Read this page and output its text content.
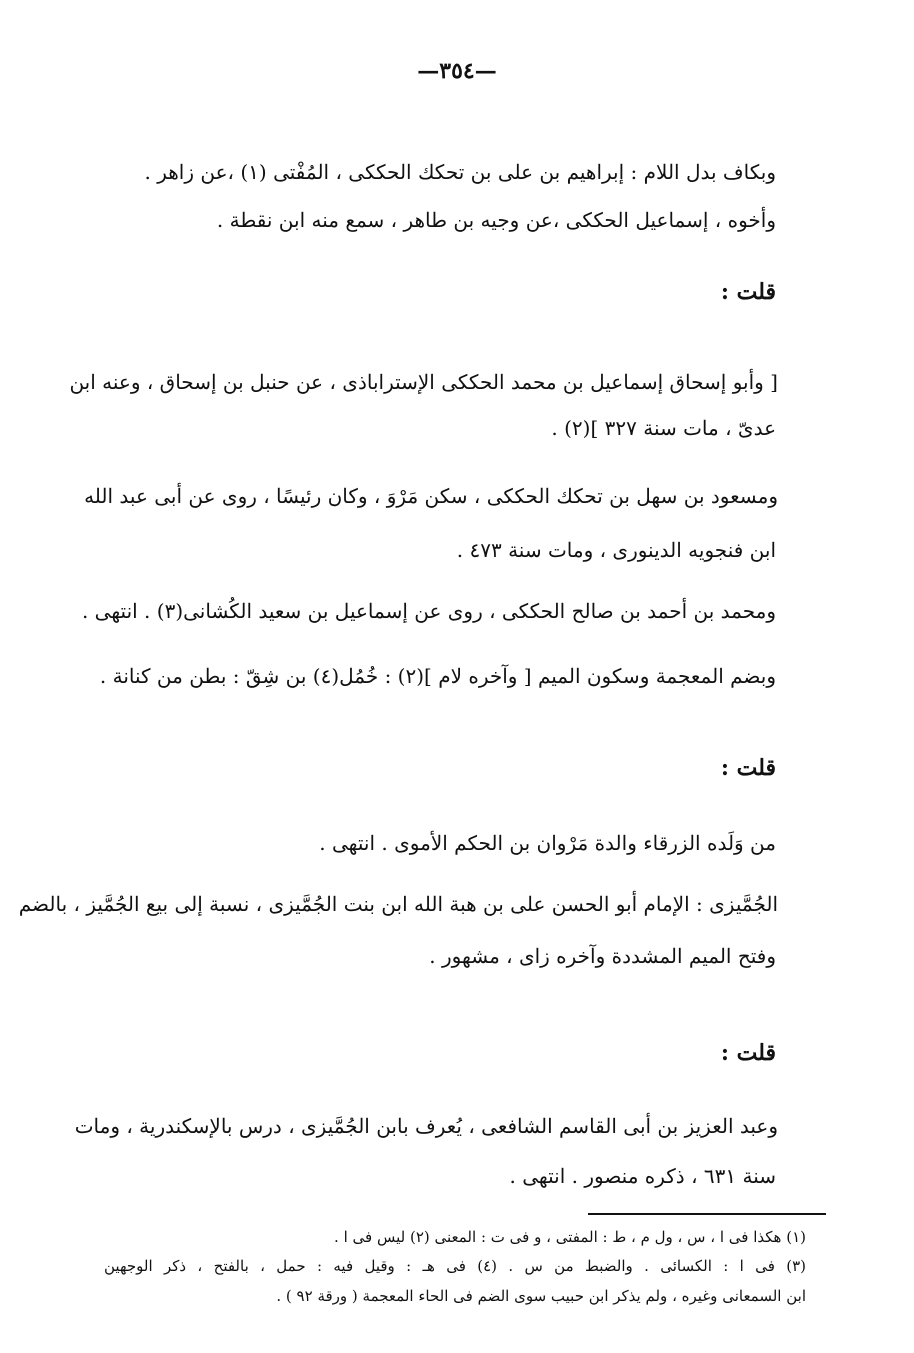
—٣٥٤—
وبكاف بدل اللام : إبراهيم بن على بن تحكك الحككى ، المُفْتى (١) ،عن زاهر .
وأخوه ، إسماعيل الحككى ،عن وجيه بن طاهر ، سمع منه ابن نقطة .
قلت :
[ وأبو إسحاق إسماعيل بن محمد الحككى الإستراباذى ، عن حنبل بن إسحاق ، وعنه ابن
عدىّ ، مات سنة ٣٢٧ ](٢) .
ومسعود بن سهل بن تحكك الحككى ، سكن مَرْوَ ، وكان رئيسًا ، روى عن أبى عبد الله
ابن فنجويه الدينورى ، ومات سنة ٤٧٣ .
ومحمد بن أحمد بن صالح الحككى ، روى عن إسماعيل بن سعيد الكُشانى(٣) . انتهى .
وبضم المعجمة وسكون الميم [ وآخره لام ](٢) : خُمُل(٤) بن شِقّ : بطن من كنانة .
قلت :
من وَلَده الزرقاء والدة مَرْوان بن الحكم الأموى . انتهى .
الجُمَّيزى : الإمام أبو الحسن على بن هبة الله ابن بنت الجُمَّيزى ، نسبة إلى بيع الجُمَّيز ، بالضم
وفتح الميم المشددة وآخره زاى ، مشهور .
قلت :
وعبد العزيز بن أبى القاسم الشافعى ، يُعرف بابن الجُمَّيزى ، درس بالإسكندرية ، ومات
سنة ٦٣١ ، ذكره منصور . انتهى .
(١) هكذا فى ا ، س ، ول م ، ط : المفتى ، و فى ت : المعنى (٢) ليس فى ا .
(٣) فى ا : الكسائى . والضبط من س . (٤) فى هـ : وقيل فيه : حمل ، بالفتح ، ذكر الوجهين
ابن السمعانى وغيره ، ولم يذكر ابن حبيب سوى الضم فى الحاء المعجمة ( ورقة ٩٢ ) .
